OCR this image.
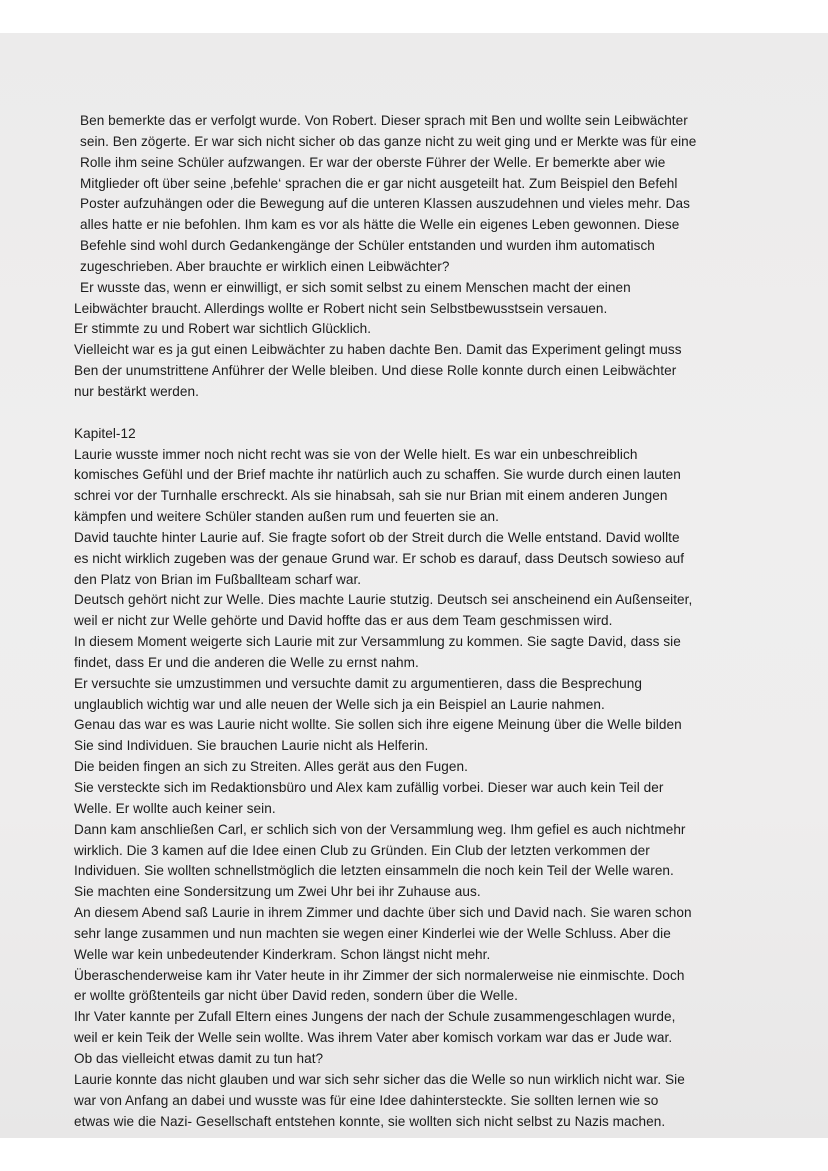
Ben bemerkte das er verfolgt wurde. Von Robert. Dieser sprach mit Ben und wollte sein Leibwächter
sein. Ben zögerte. Er war sich nicht sicher ob das ganze nicht zu weit ging und er Merkte was für eine
Rolle ihm seine Schüler aufzwangen. Er war der oberste Führer der Welle. Er bemerkte aber wie
Mitglieder oft über seine ‚befehle‘ sprachen die er gar nicht ausgeteilt hat. Zum Beispiel den Befehl
Poster aufzuhängen oder die Bewegung auf die unteren Klassen auszudehnen und vieles mehr. Das
alles hatte er nie befohlen. Ihm kam es vor als hätte die Welle ein eigenes Leben gewonnen. Diese
Befehle sind wohl durch Gedankengänge der Schüler entstanden und wurden ihm automatisch
zugeschrieben. Aber brauchte er wirklich einen Leibwächter?
Er wusste das, wenn er einwilligt, er sich somit selbst zu einem Menschen macht der einen
Leibwächter braucht. Allerdings wollte er Robert nicht sein Selbstbewusstsein versauen.
Er stimmte zu und Robert war sichtlich Glücklich.
Vielleicht war es ja gut einen Leibwächter zu haben dachte Ben. Damit das Experiment gelingt muss
Ben der unumstrittene Anführer der Welle bleiben. Und diese Rolle konnte durch einen Leibwächter
nur bestärkt werden.
Kapitel-12
Laurie wusste immer noch nicht recht was sie von der Welle hielt. Es war ein unbeschreiblich
komisches Gefühl und der Brief machte ihr natürlich auch zu schaffen. Sie wurde durch einen lauten
schrei vor der Turnhalle erschreckt. Als sie hinabsah, sah sie nur Brian mit einem anderen Jungen
kämpfen und weitere Schüler standen außen rum und feuerten sie an.
David tauchte hinter Laurie auf. Sie fragte sofort ob der Streit durch die Welle entstand. David wollte
es nicht wirklich zugeben was der genaue Grund war. Er schob es darauf, dass Deutsch sowieso auf
den Platz von Brian im Fußballteam scharf war.
Deutsch gehört nicht zur Welle. Dies machte Laurie stutzig. Deutsch sei anscheinend ein Außenseiter,
weil er nicht zur Welle gehörte und David hoffte das er aus dem Team geschmissen wird.
In diesem Moment weigerte sich Laurie mit zur Versammlung zu kommen. Sie sagte David, dass sie
findet, dass Er und die anderen die Welle zu ernst nahm.
Er versuchte sie umzustimmen und versuchte damit zu argumentieren, dass die Besprechung
unglaublich wichtig war und alle neuen der Welle sich ja ein Beispiel an Laurie nahmen.
Genau das war es was Laurie nicht wollte. Sie sollen sich ihre eigene Meinung über die Welle bilden
Sie sind Individuen. Sie brauchen Laurie nicht als Helferin.
Die beiden fingen an sich zu Streiten. Alles gerät aus den Fugen.
Sie versteckte sich im Redaktionsbüro und Alex kam zufällig vorbei. Dieser war auch kein Teil der
Welle. Er wollte auch keiner sein.
Dann kam anschließen Carl, er schlich sich von der Versammlung weg. Ihm gefiel es auch nichtmehr
wirklich. Die 3 kamen auf die Idee einen Club zu Gründen. Ein Club der letzten verkommen der
Individuen. Sie wollten schnellstmöglich die letzten einsammeln die noch kein Teil der Welle waren.
Sie machten eine Sondersitzung um Zwei Uhr bei ihr Zuhause aus.
An diesem Abend saß Laurie in ihrem Zimmer und dachte über sich und David nach. Sie waren schon
sehr lange zusammen und nun machten sie wegen einer Kinderlei wie der Welle Schluss. Aber die
Welle war kein unbedeutender Kinderkram. Schon längst nicht mehr.
Überaschenderweise kam ihr Vater heute in ihr Zimmer der sich normalerweise nie einmischte. Doch
er wollte größtenteils gar nicht über David reden, sondern über die Welle.
Ihr Vater kannte per Zufall Eltern eines Jungens der nach der Schule zusammengeschlagen wurde,
weil er kein Teik der Welle sein wollte. Was ihrem Vater aber komisch vorkam war das er Jude war.
Ob das vielleicht etwas damit zu tun hat?
Laurie konnte das nicht glauben und war sich sehr sicher das die Welle so nun wirklich nicht war. Sie
war von Anfang an dabei und wusste was für eine Idee dahintersteckte. Sie sollten lernen wie so
etwas wie die Nazi- Gesellschaft entstehen konnte, sie wollten sich nicht selbst zu Nazis machen.
